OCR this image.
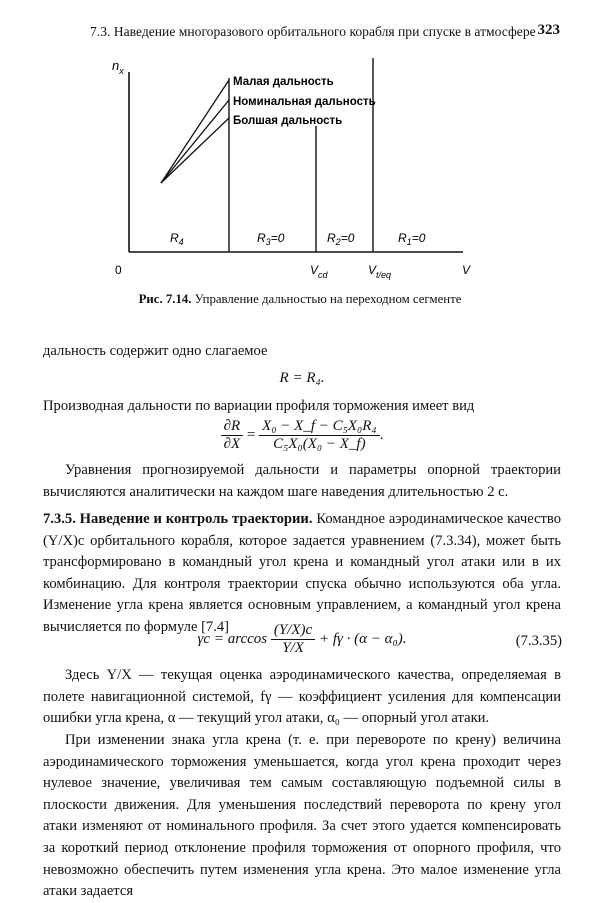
7.3. Наведение многоразового орбитального корабля при спуске в атмосфере 323
$n_x$
Малая дальность
Номинальная дальность
Болшая дальность
$R_4$	$R_3=0$	$R_2=0$	$R_1=0$
0	$V_{cd}$	$V_{t/eq}$	V
Рис. 7.14. Управление дальностью на переходном сегменте
дальность содержит одно слагаемое
R = R₄.
Производная дальности по вариации профиля торможения имеет вид
$\frac{\partial R}{\partial X} = \frac{\text{X₀ − X\_f − C₅X₀R₄}}{\text{C₅X₀(X₀ − X\_f)}}$ .
Уравнения прогнозируемой дальности и параметры опорной траектории вычисляются аналитически на каждом шаге наведения длительностью 2 с.
7.3.5. Наведение и контроль траектории. Командное аэродинамическое качество (Y/X)c орбитального корабля, которое задается уравнением (7.3.34), может быть трансформировано в командный угол крена и командный угол атаки или в их комбинацию. Для контроля траектории спуска обычно используются оба угла. Изменение угла крена является основным управлением, а командный угол крена вычисляется по формуле [7.4]
$\gamma c = \arccos \frac{(Y/X)c}{Y/X} + f\gamma \cdot (\alpha - \alpha_0)$.	(7.3.35)
Здесь Y/X — текущая оценка аэродинамического качества, определяемая в полете навигационной системой, fγ — коэффициент усиления для компенсации ошибки угла крена, α — текущий угол атаки, α₀ — опорный угол атаки.
При изменении знака угла крена (т. е. при перевороте по крену) величина аэродинамического торможения уменьшается, когда угол крена проходит через нулевое значение, увеличивая тем самым составляющую подъемной силы в плоскости движения. Для уменьшения последствий переворота по крену угол атаки изменяют от номинального профиля. За счет этого удается компенсировать за короткий период отклонение профиля торможения от опорного профиля, что невозможно обеспечить путем изменения угла крена. Это малое изменение угла атаки задается
